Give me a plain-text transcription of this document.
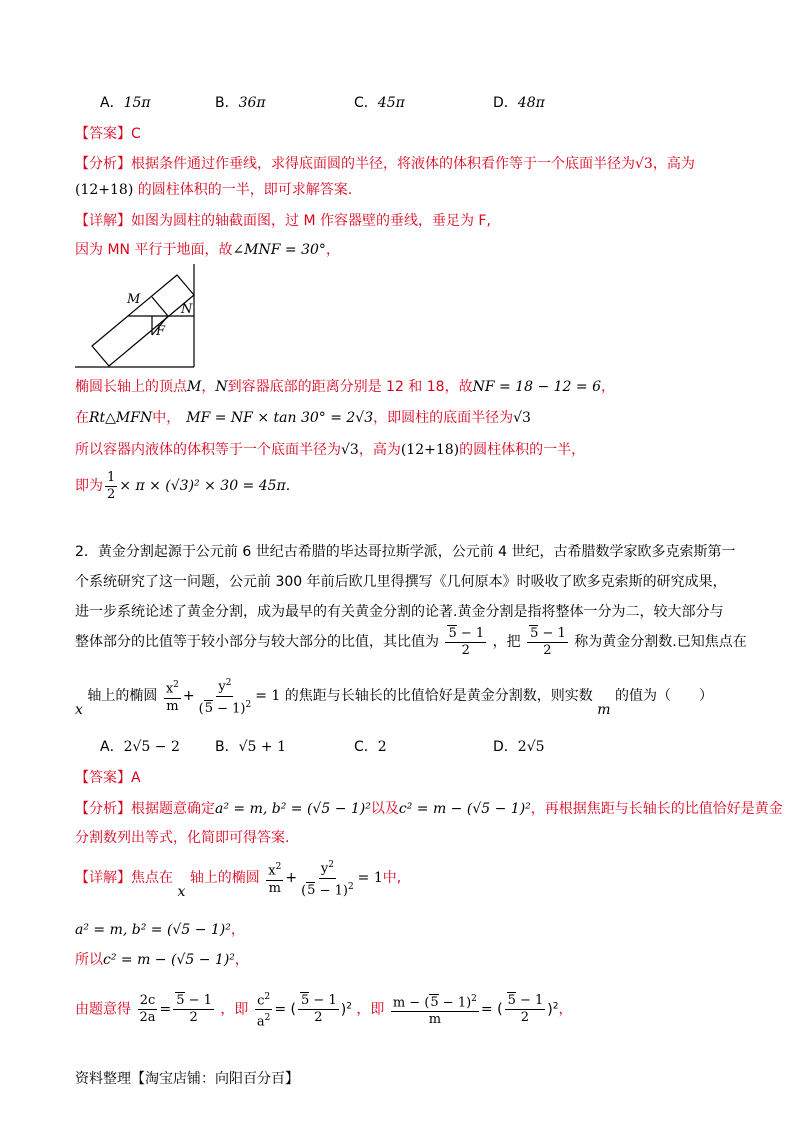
A．15π	B．36π	C．45π	D．48π
【答案】C
【分析】根据条件通过作垂线，求得底面圆的半径，将液体的体积看作等于一个底面半径为√3，高为
(12+18) 的圆柱体积的一半，即可求解答案.
【详解】如图为圆柱的轴截面图，过 M 作容器壁的垂线，垂足为 F,
因为 MN 平行于地面，故∠MNF = 30°，
M
N
F
椭圆长轴上的顶点M，N到容器底部的距离分别是 12 和 18，故NF = 18 − 12 = 6，
在Rt△MFN中， MF = NF × tan 30° = 2√3，即圆柱的底面半径为√3
所以容器内液体的体积等于一个底面半径为√3，高为(12+18)的圆柱体积的一半，
即为 $\frac{1}{2} \times \pi \times (√3)^2 \times 30 = 45\pi$.
2．黄金分割起源于公元前 6 世纪古希腊的毕达哥拉斯学派，公元前 4 世纪，古希腊数学家欧多克索斯第一
个系统研究了这一问题，公元前 300 年前后欧几里得撰写《几何原本》时吸收了欧多克索斯的研究成果，
进一步系统论述了黄金分割，成为最早的有关黄金分割的论著.黄金分割是指将整体一分为二，较大部分与
整体部分的比值等于较小部分与较大部分的比值，其比值为 $\frac{5 - 1}{2}$ ，把 $\frac{5 - 1}{2}$ 称为黄金分割数.已知焦点在
x 轴上的椭圆 $\frac{x^2}{m} + \frac{y^2}{(5 - 1)^2} = 1$ 的焦距与长轴长的比值恰好是黄金分割数，则实数 m 的值为（　　）
A．2√5 − 2	B．√5 + 1	C．2	D．2√5
【答案】A
【分析】根据题意确定a² = m, b² = (√5 − 1)²以及c² = m − (√5 − 1)²，再根据焦距与长轴长的比值恰好是黄金
分割数列出等式，化简即可得答案.
【详解】焦点在 x 轴上的椭圆 $\frac{x^2}{m} + \frac{y^2}{(5 - 1)^2} = 1$中,
a² = m, b² = (√5 − 1)²，
所以c² = m − (√5 − 1)²，
由题意得 $\frac{2c}{2a} = \frac{5 - 1}{2}$ ，即 $\frac{c^2}{a^2}$ = ( $\frac{5 - 1}{2} )^2$ ，即 $\frac{m - (5 - 1)^2}{m}$ = ( $\frac{5 - 1}{2} )^2$，
资料整理【淘宝店铺：向阳百分百】
